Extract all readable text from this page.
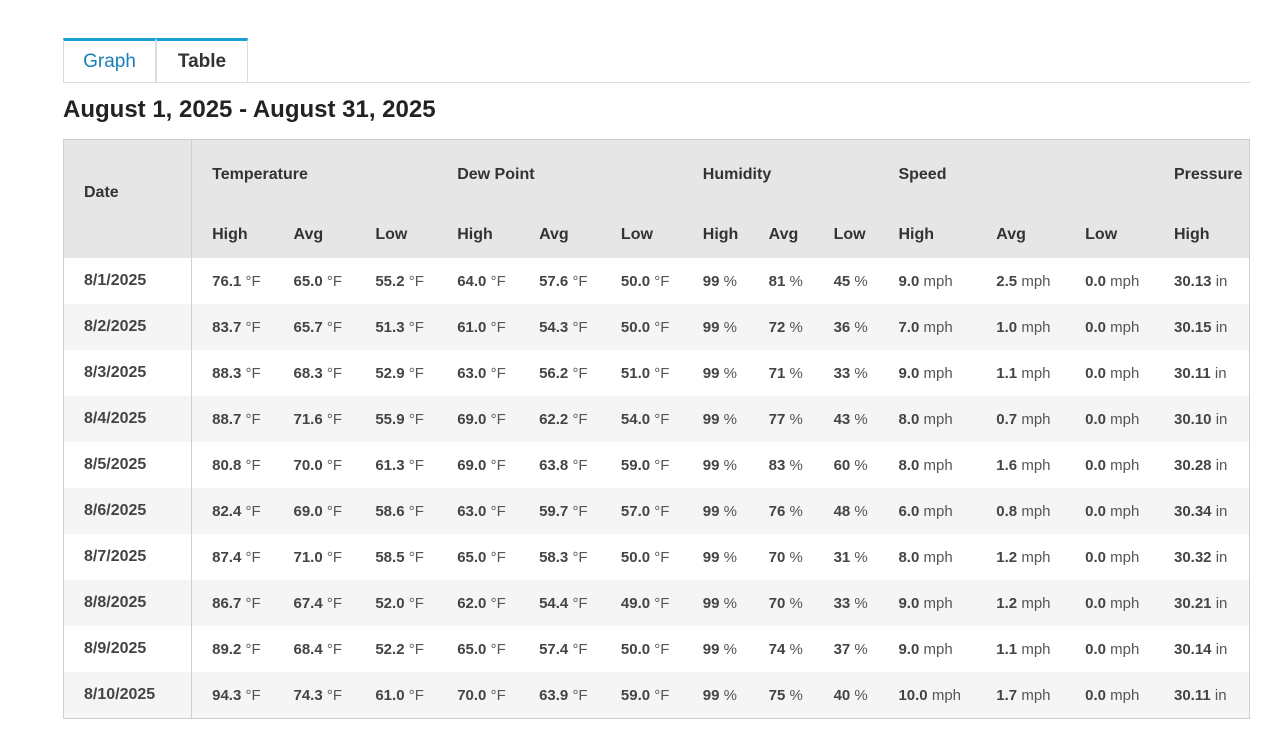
Graph	Table
August 1, 2025 - August 31, 2025
Date	Temperature			Dew Point			Humidity			Speed			Pressure
	High	Avg	Low	High	Avg	Low	High	Avg	Low	High	Avg	Low	High
8/1/2025	76.1 °F	65.0 °F	55.2 °F	64.0 °F	57.6 °F	50.0 °F	99 %	81 %	45 %	9.0 mph	2.5 mph	0.0 mph	30.13 in
8/2/2025	83.7 °F	65.7 °F	51.3 °F	61.0 °F	54.3 °F	50.0 °F	99 %	72 %	36 %	7.0 mph	1.0 mph	0.0 mph	30.15 in
8/3/2025	88.3 °F	68.3 °F	52.9 °F	63.0 °F	56.2 °F	51.0 °F	99 %	71 %	33 %	9.0 mph	1.1 mph	0.0 mph	30.11 in
8/4/2025	88.7 °F	71.6 °F	55.9 °F	69.0 °F	62.2 °F	54.0 °F	99 %	77 %	43 %	8.0 mph	0.7 mph	0.0 mph	30.10 in
8/5/2025	80.8 °F	70.0 °F	61.3 °F	69.0 °F	63.8 °F	59.0 °F	99 %	83 %	60 %	8.0 mph	1.6 mph	0.0 mph	30.28 in
8/6/2025	82.4 °F	69.0 °F	58.6 °F	63.0 °F	59.7 °F	57.0 °F	99 %	76 %	48 %	6.0 mph	0.8 mph	0.0 mph	30.34 in
8/7/2025	87.4 °F	71.0 °F	58.5 °F	65.0 °F	58.3 °F	50.0 °F	99 %	70 %	31 %	8.0 mph	1.2 mph	0.0 mph	30.32 in
8/8/2025	86.7 °F	67.4 °F	52.0 °F	62.0 °F	54.4 °F	49.0 °F	99 %	70 %	33 %	9.0 mph	1.2 mph	0.0 mph	30.21 in
8/9/2025	89.2 °F	68.4 °F	52.2 °F	65.0 °F	57.4 °F	50.0 °F	99 %	74 %	37 %	9.0 mph	1.1 mph	0.0 mph	30.14 in
8/10/2025	94.3 °F	74.3 °F	61.0 °F	70.0 °F	63.9 °F	59.0 °F	99 %	75 %	40 %	10.0 mph	1.7 mph	0.0 mph	30.11 in
